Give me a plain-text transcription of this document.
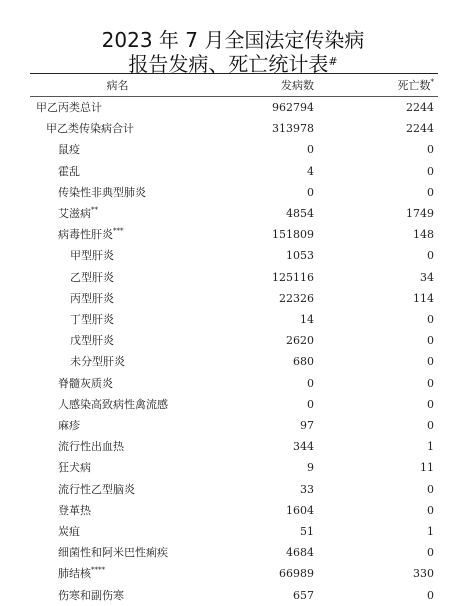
2023 年 7 月全国法定传染病
报告发病、死亡统计表#
病名	发病数	死亡数*
甲乙丙类总计	962794	2244
甲乙类传染病合计	313978	2244
鼠疫	0	0
霍乱	4	0
传染性非典型肺炎	0	0
艾滋病**	4854	1749
病毒性肝炎***	151809	148
甲型肝炎	1053	0
乙型肝炎	125116	34
丙型肝炎	22326	114
丁型肝炎	14	0
戊型肝炎	2620	0
未分型肝炎	680	0
脊髓灰质炎	0	0
人感染高致病性禽流感	0	0
麻疹	97	0
流行性出血热	344	1
狂犬病	9	11
流行性乙型脑炎	33	0
登革热	1604	0
炭疽	51	1
细菌性和阿米巴性痢疾	4684	0
肺结核****	66989	330
伤寒和副伤寒	657	0
